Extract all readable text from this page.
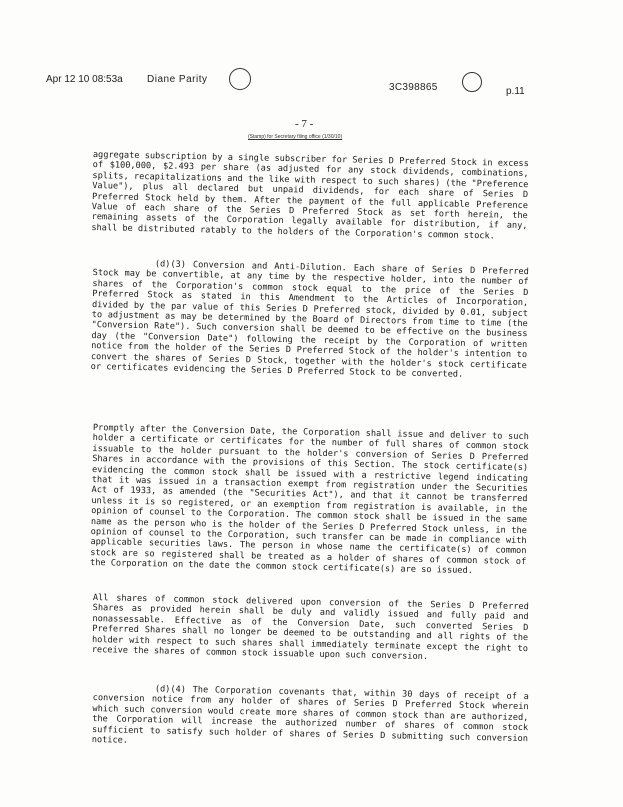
Apr 12 10 08:53a Diane Parity
3C398865	p.11
- 7 -
(Stamp) for Secretary filing office (1/30/10)

aggregate subscription by a single subscriber for Series D Preferred Stock in excess of $100,000, $2.493 per share (as adjusted for any stock dividends, combinations, splits, recapitalizations and the like with respect to such shares) (the "Preference Value"), plus all declared but unpaid dividends, for each share of Series D Preferred Stock held by them. After the payment of the full applicable Preference Value of each share of the Series D Preferred Stock as set forth herein, the remaining assets of the Corporation legally available for distribution, if any, shall be distributed ratably to the holders of the Corporation's common stock.

(d)(3) Conversion and Anti-Dilution. Each share of Series D Preferred Stock may be convertible, at any time by the respective holder, into the number of shares of the Corporation's common stock equal to the price of the Series D Preferred Stock as stated in this Amendment to the Articles of Incorporation, divided by the par value of this Series D Preferred stock, divided by 0.01, subject to adjustment as may be determined by the Board of Directors from time to time (the "Conversion Rate"). Such conversion shall be deemed to be effective on the business day (the "Conversion Date") following the receipt by the Corporation of written notice from the holder of the Series D Preferred Stock of the holder's intention to convert the shares of Series D Stock, together with the holder's stock certificate or certificates evidencing the Series D Preferred Stock to be converted.

Promptly after the Conversion Date, the Corporation shall issue and deliver to such holder a certificate or certificates for the number of full shares of common stock issuable to the holder pursuant to the holder's conversion of Series D Preferred Shares in accordance with the provisions of this Section. The stock certificate(s) evidencing the common stock shall be issued with a restrictive legend indicating that it was issued in a transaction exempt from registration under the Securities Act of 1933, as amended (the "Securities Act"), and that it cannot be transferred unless it is so registered, or an exemption from registration is available, in the opinion of counsel to the Corporation. The common stock shall be issued in the same name as the person who is the holder of the Series D Preferred Stock unless, in the opinion of counsel to the Corporation, such transfer can be made in compliance with applicable securities laws. The person in whose name the certificate(s) of common stock are so registered shall be treated as a holder of shares of common stock of the Corporation on the date the common stock certificate(s) are so issued.

All shares of common stock delivered upon conversion of the Series D Preferred Shares as provided herein shall be duly and validly issued and fully paid and nonassessable. Effective as of the Conversion Date, such converted Series D Preferred Shares shall no longer be deemed to be outstanding and all rights of the holder with respect to such shares shall immediately terminate except the right to receive the shares of common stock issuable upon such conversion.

(d)(4) The Corporation covenants that, within 30 days of receipt of a conversion notice from any holder of shares of Series D Preferred Stock wherein which such conversion would create more shares of common stock than are authorized, the Corporation will increase the authorized number of shares of common stock sufficient to satisfy such holder of shares of Series D submitting such conversion notice.
